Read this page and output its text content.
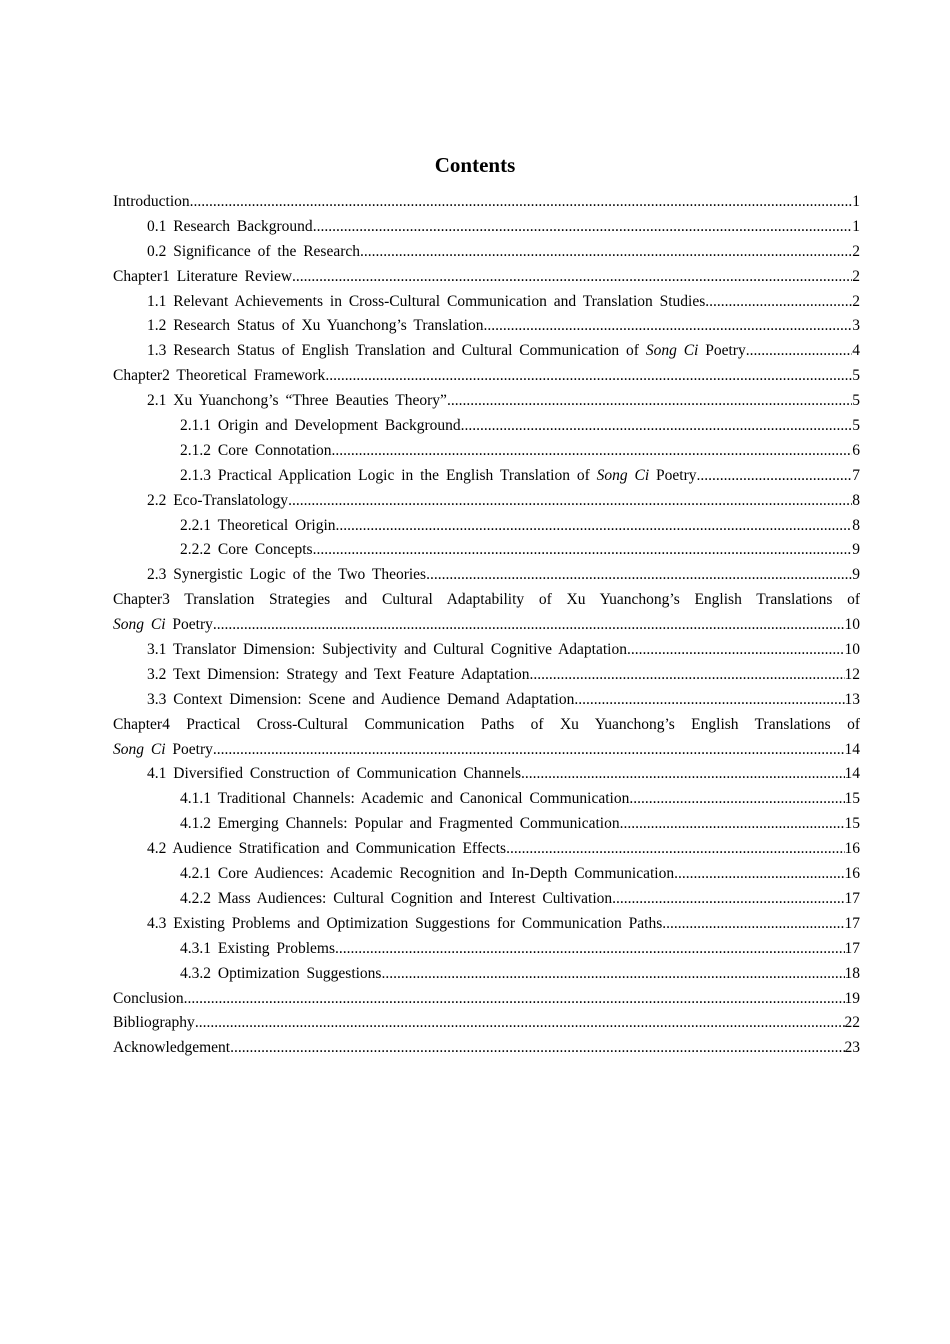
Contents
Introduction .....	1
0.1 Research Background .....	1
0.2 Significance of the Research .....	2
Chapter1 Literature Review .....	2
1.1 Relevant Achievements in Cross-Cultural Communication and Translation Studies .....	2
1.2 Research Status of Xu Yuanchong’s Translation .....	3
1.3 Research Status of English Translation and Cultural Communication of Song Ci Poetry .....	4
Chapter2 Theoretical Framework .....	5
2.1 Xu Yuanchong’s “Three Beauties Theory” .....	5
2.1.1 Origin and Development Background .....	5
2.1.2 Core Connotation .....	6
2.1.3 Practical Application Logic in the English Translation of Song Ci Poetry .....	7
2.2 Eco-Translatology .....	8
2.2.1 Theoretical Origin .....	8
2.2.2 Core Concepts .....	9
2.3 Synergistic Logic of the Two Theories .....	9
Chapter3 Translation Strategies and Cultural Adaptability of Xu Yuanchong’s English Translations of
Song Ci Poetry .....	10
3.1 Translator Dimension: Subjectivity and Cultural Cognitive Adaptation .....	10
3.2 Text Dimension: Strategy and Text Feature Adaptation .....	12
3.3 Context Dimension: Scene and Audience Demand Adaptation .....	13
Chapter4 Practical Cross-Cultural Communication Paths of Xu Yuanchong’s English Translations of
Song Ci Poetry .....	14
4.1 Diversified Construction of Communication Channels .....	14
4.1.1 Traditional Channels: Academic and Canonical Communication .....	15
4.1.2 Emerging Channels: Popular and Fragmented Communication .....	15
4.2 Audience Stratification and Communication Effects .....	16
4.2.1 Core Audiences: Academic Recognition and In-Depth Communication .....	16
4.2.2 Mass Audiences: Cultural Cognition and Interest Cultivation .....	17
4.3 Existing Problems and Optimization Suggestions for Communication Paths .....	17
4.3.1 Existing Problems .....	17
4.3.2 Optimization Suggestions .....	18
Conclusion .....	19
Bibliography .....	22
Acknowledgement .....	23
